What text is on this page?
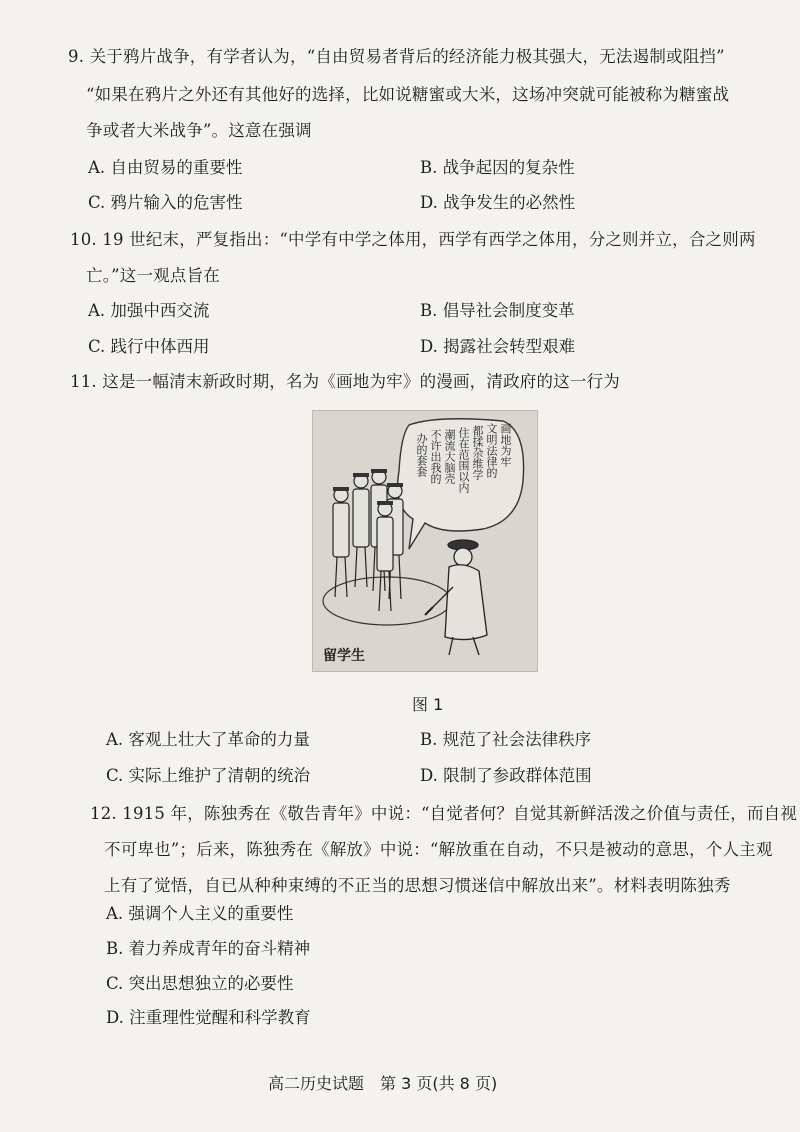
9. 关于鸦片战争，有学者认为，“自由贸易者背后的经济能力极其强大，无法遏制或阻挡”
“如果在鸦片之外还有其他好的选择，比如说糖蜜或大米，这场冲突就可能被称为糖蜜战
争或者大米战争”。这意在强调
A. 自由贸易的重要性	B. 战争起因的复杂性
C. 鸦片输入的危害性	D. 战争发生的必然性
10. 19 世纪末，严复指出：“中学有中学之体用，西学有西学之体用，分之则并立，合之则两
亡。”这一观点旨在
A. 加强中西交流	B. 倡导社会制度变革
C. 践行中体西用	D. 揭露社会转型艰难
11. 这是一幅清末新政时期，名为《画地为牢》的漫画，清政府的这一行为
画地为牢
文明法律的
都揉杂维学
住在范围以内
潮流大脑壳
不许出我的
办的套套
留学生
图 1
A. 客观上壮大了革命的力量	B. 规范了社会法律秩序
C. 实际上维护了清朝的统治	D. 限制了参政群体范围
12. 1915 年，陈独秀在《敬告青年》中说：“自觉者何？自觉其新鲜活泼之价值与责任，而自视
不可卑也”；后来，陈独秀在《解放》中说：“解放重在自动，不只是被动的意思，个人主观
上有了觉悟，自已从种种束缚的不正当的思想习惯迷信中解放出来”。材料表明陈独秀
A. 强调个人主义的重要性
B. 着力养成青年的奋斗精神
C. 突出思想独立的必要性
D. 注重理性觉醒和科学教育
高二历史试题　第 3 页(共 8 页)
